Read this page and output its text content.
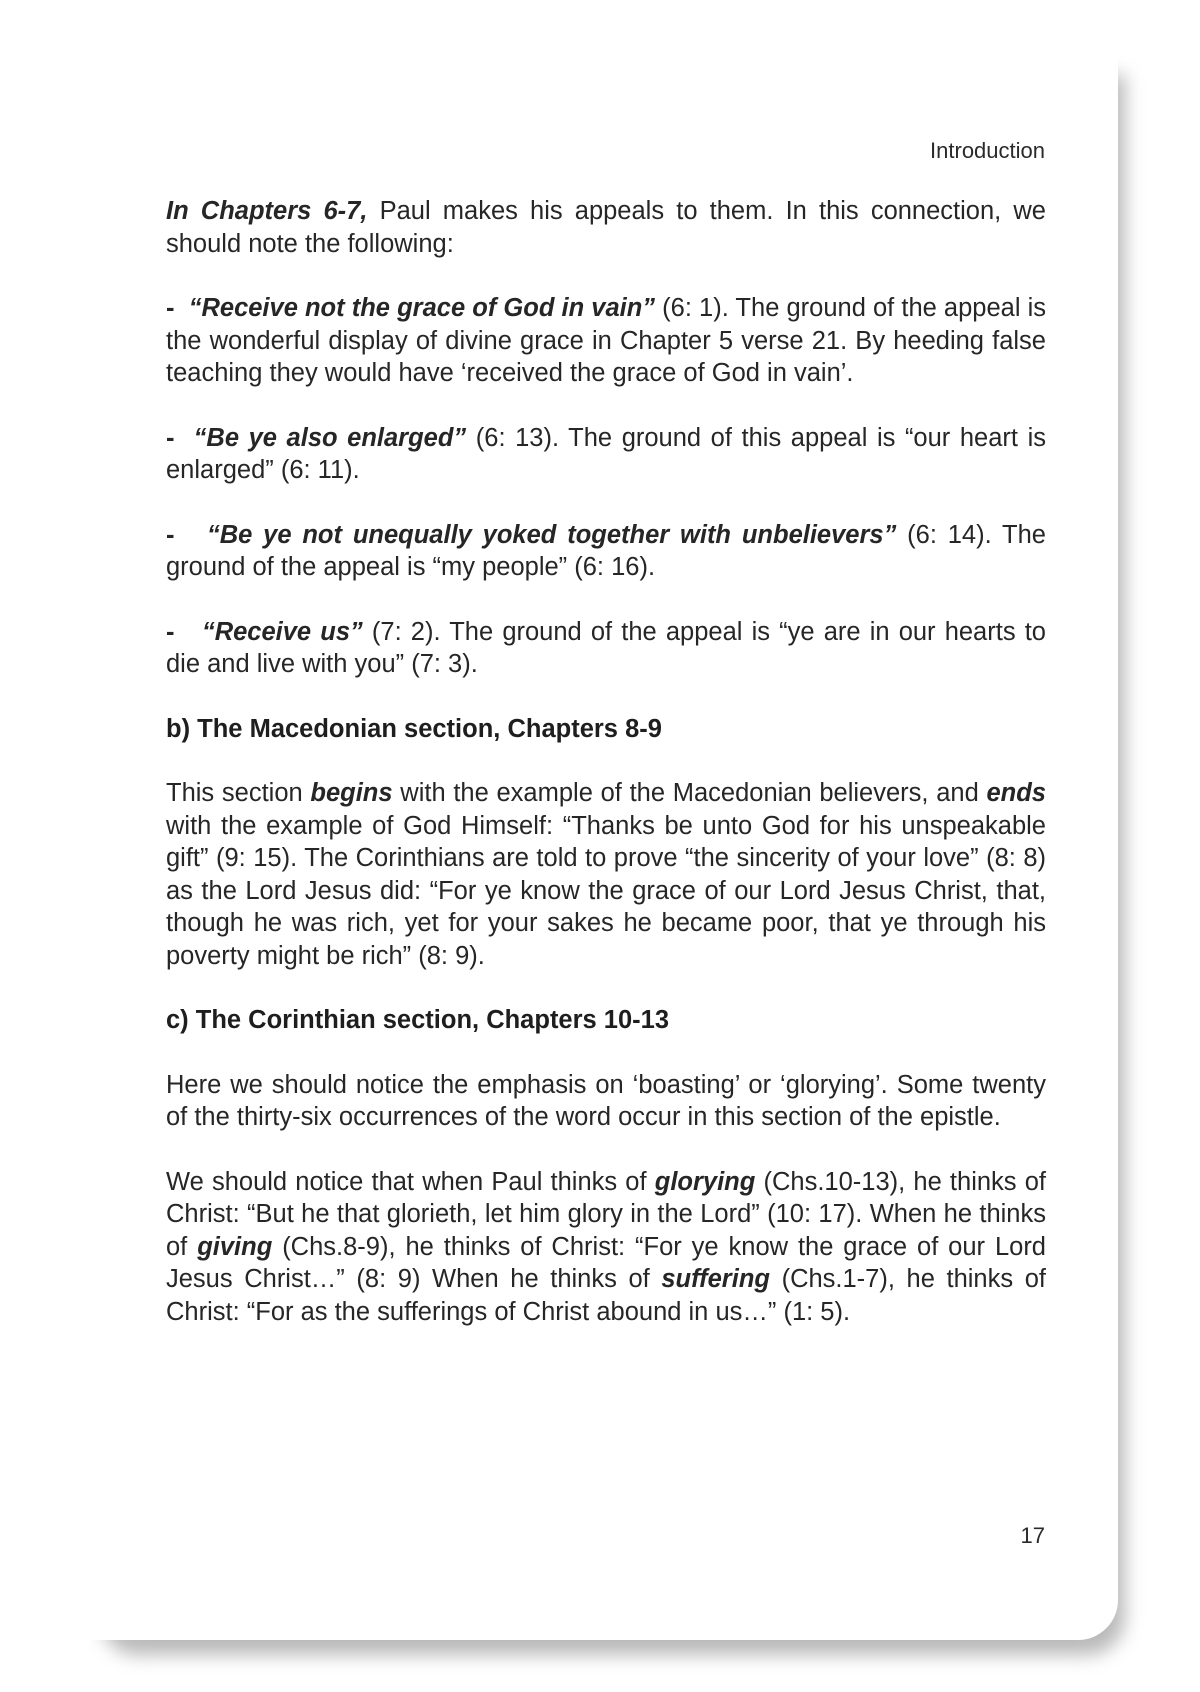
Introduction

In Chapters 6-7, Paul makes his appeals to them. In this connection, we should note the following:

- “Receive not the grace of God in vain” (6: 1). The ground of the appeal is the wonderful display of divine grace in Chapter 5 verse 21. By heeding false teaching they would have ‘received the grace of God in vain’.

- “Be ye also enlarged” (6: 13). The ground of this appeal is “our heart is enlarged” (6: 11).

- “Be ye not unequally yoked together with unbelievers” (6: 14). The ground of the appeal is “my people” (6: 16).

- “Receive us” (7: 2). The ground of the appeal is “ye are in our hearts to die and live with you” (7: 3).

b) The Macedonian section, Chapters 8-9

This section begins with the example of the Macedonian believers, and ends with the example of God Himself: “Thanks be unto God for his unspeakable gift” (9: 15). The Corinthians are told to prove “the sincerity of your love” (8: 8) as the Lord Jesus did: “For ye know the grace of our Lord Jesus Christ, that, though he was rich, yet for your sakes he became poor, that ye through his poverty might be rich” (8: 9).

c) The Corinthian section, Chapters 10-13

Here we should notice the emphasis on ‘boasting’ or ‘glorying’. Some twenty of the thirty-six occurrences of the word occur in this section of the epistle.

We should notice that when Paul thinks of glorying (Chs.10-13), he thinks of Christ: “But he that glorieth, let him glory in the Lord” (10: 17). When he thinks of giving (Chs.8-9), he thinks of Christ: “For ye know the grace of our Lord Jesus Christ…” (8: 9) When he thinks of suffering (Chs.1-7), he thinks of Christ: “For as the sufferings of Christ abound in us…” (1: 5).

17
